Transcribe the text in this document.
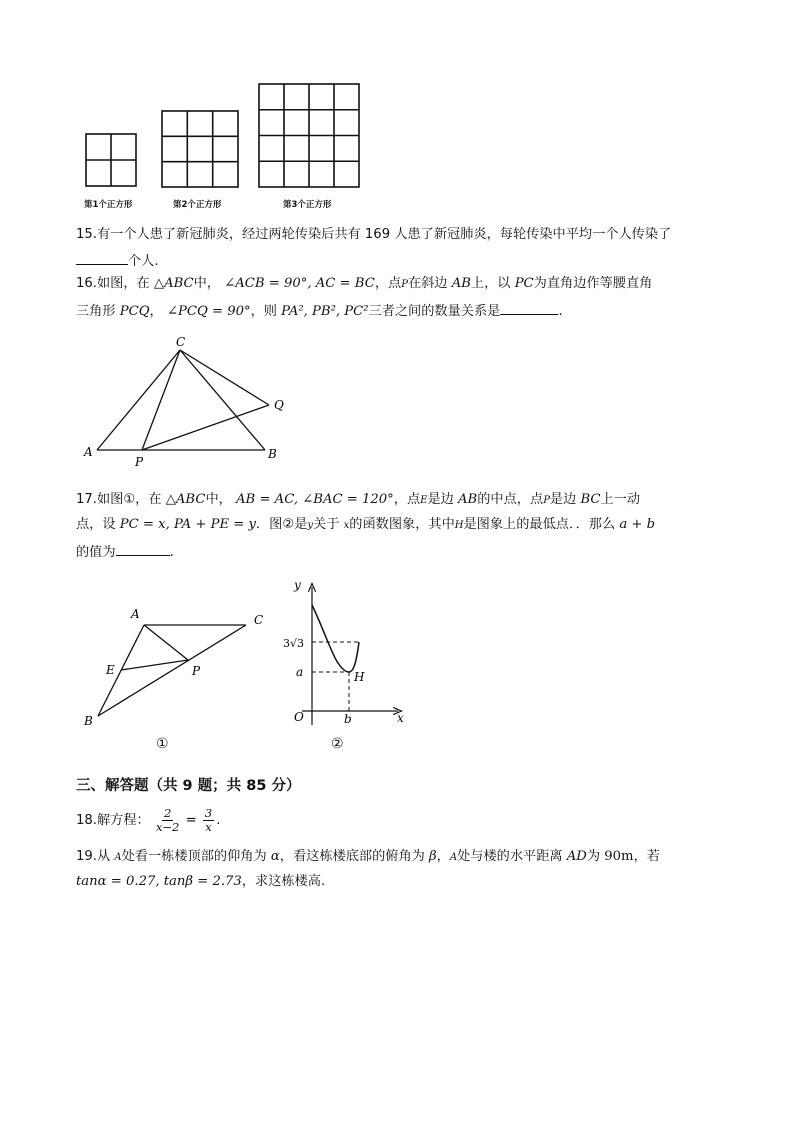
第1个正方形	第2个正方形	第3个正方形
15.有一个人患了新冠肺炎，经过两轮传染后共有 169 人患了新冠肺炎，每轮传染中平均一个人传染了
个人.
16.如图，在 △ABC中， ∠ACB = 90°, AC = BC，点P在斜边 AB上，以 PC为直角边作等腰直角
三角形 PCQ， ∠PCQ = 90°，则 PA², PB², PC²三者之间的数量关系是	.
C
A	B
P
Q
17.如图①，在 △ABC中， AB = AC, ∠BAC = 120°，点E是边 AB的中点，点P是边 BC上一动
点，设 PC = x, PA + PE = y．图②是y关于 x的函数图象，其中H是图象上的最低点．．那么 a + b
的值为	.
A	C
E	P
B
y
3√3
a	H
O	b	x
①	②
三、解答题（共 9 题；共 85 分）
18.解方程： $\frac{2}{x-2} = \frac{3}{x}$ .
19.从 A处看一栋楼顶部的仰角为 α，看这栋楼底部的俯角为 β，A处与楼的水平距离 AD为 90m，若
tanα = 0.27, tanβ = 2.73，求这栋楼高.
